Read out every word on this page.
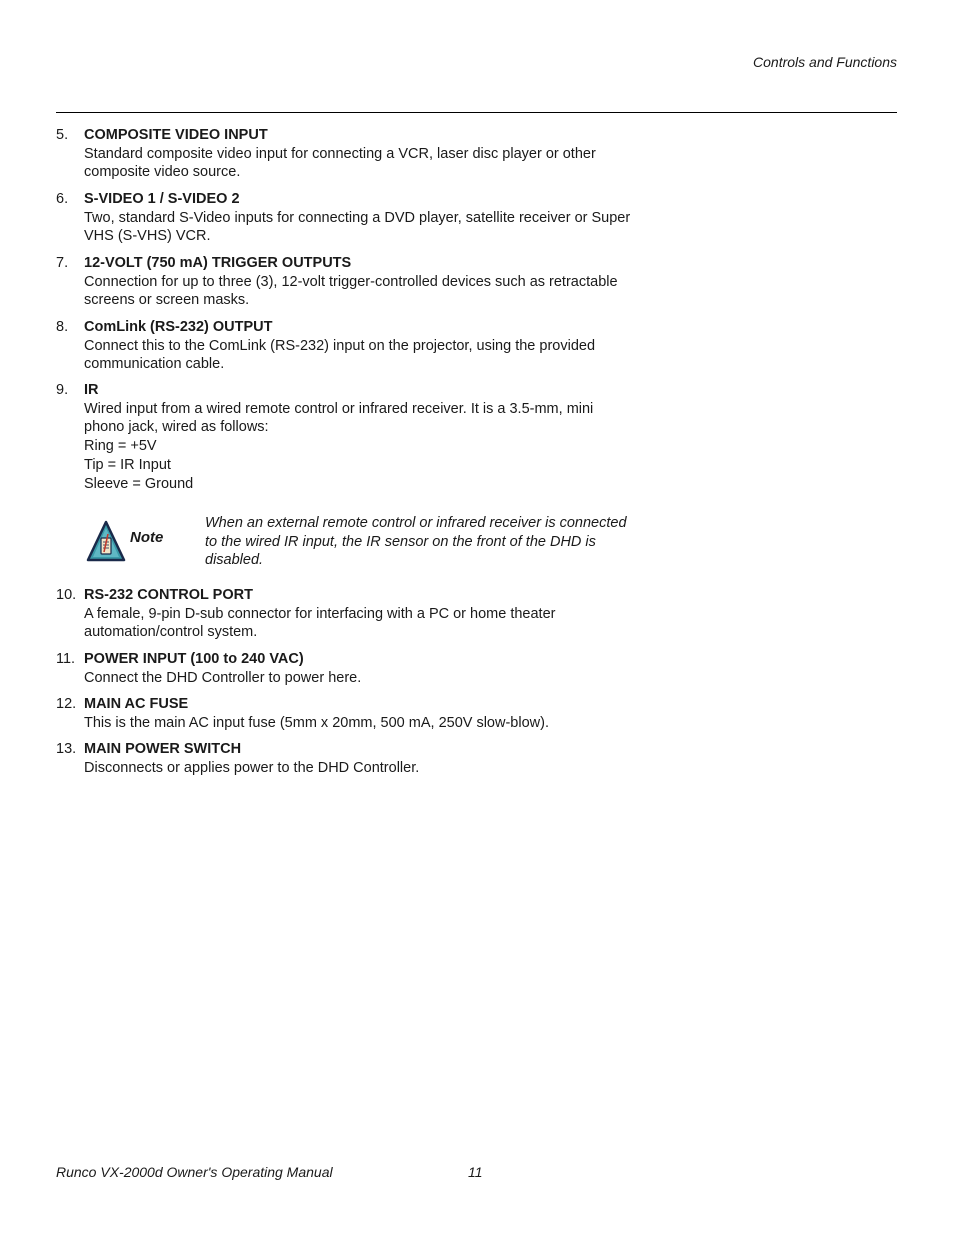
Controls and Functions
5.	COMPOSITE VIDEO INPUT
Standard composite video input for connecting a VCR, laser disc player or other
composite video source.
6.	S-VIDEO 1 / S-VIDEO 2
Two, standard S-Video inputs for connecting a DVD player, satellite receiver or Super
VHS (S-VHS) VCR.
7.	12-VOLT (750 mA) TRIGGER OUTPUTS
Connection for up to three (3), 12-volt trigger-controlled devices such as retractable
screens or screen masks.
8.	ComLink (RS-232) OUTPUT
Connect this to the ComLink (RS-232) input on the projector, using the provided
communication cable.
9.	IR
Wired input from a wired remote control or infrared receiver. It is a 3.5-mm, mini
phono jack, wired as follows:
Ring = +5V
Tip = IR Input
Sleeve = Ground
Note
When an external remote control or infrared receiver is connected
to the wired IR input, the IR sensor on the front of the DHD is
disabled.
10. RS-232 CONTROL PORT
A female, 9-pin D-sub connector for interfacing with a PC or home theater
automation/control system.
11. POWER INPUT (100 to 240 VAC)
Connect the DHD Controller to power here.
12. MAIN AC FUSE
This is the main AC input fuse (5mm x 20mm, 500 mA, 250V slow-blow).
13. MAIN POWER SWITCH
Disconnects or applies power to the DHD Controller.
Runco VX-2000d Owner's Operating Manual	11
